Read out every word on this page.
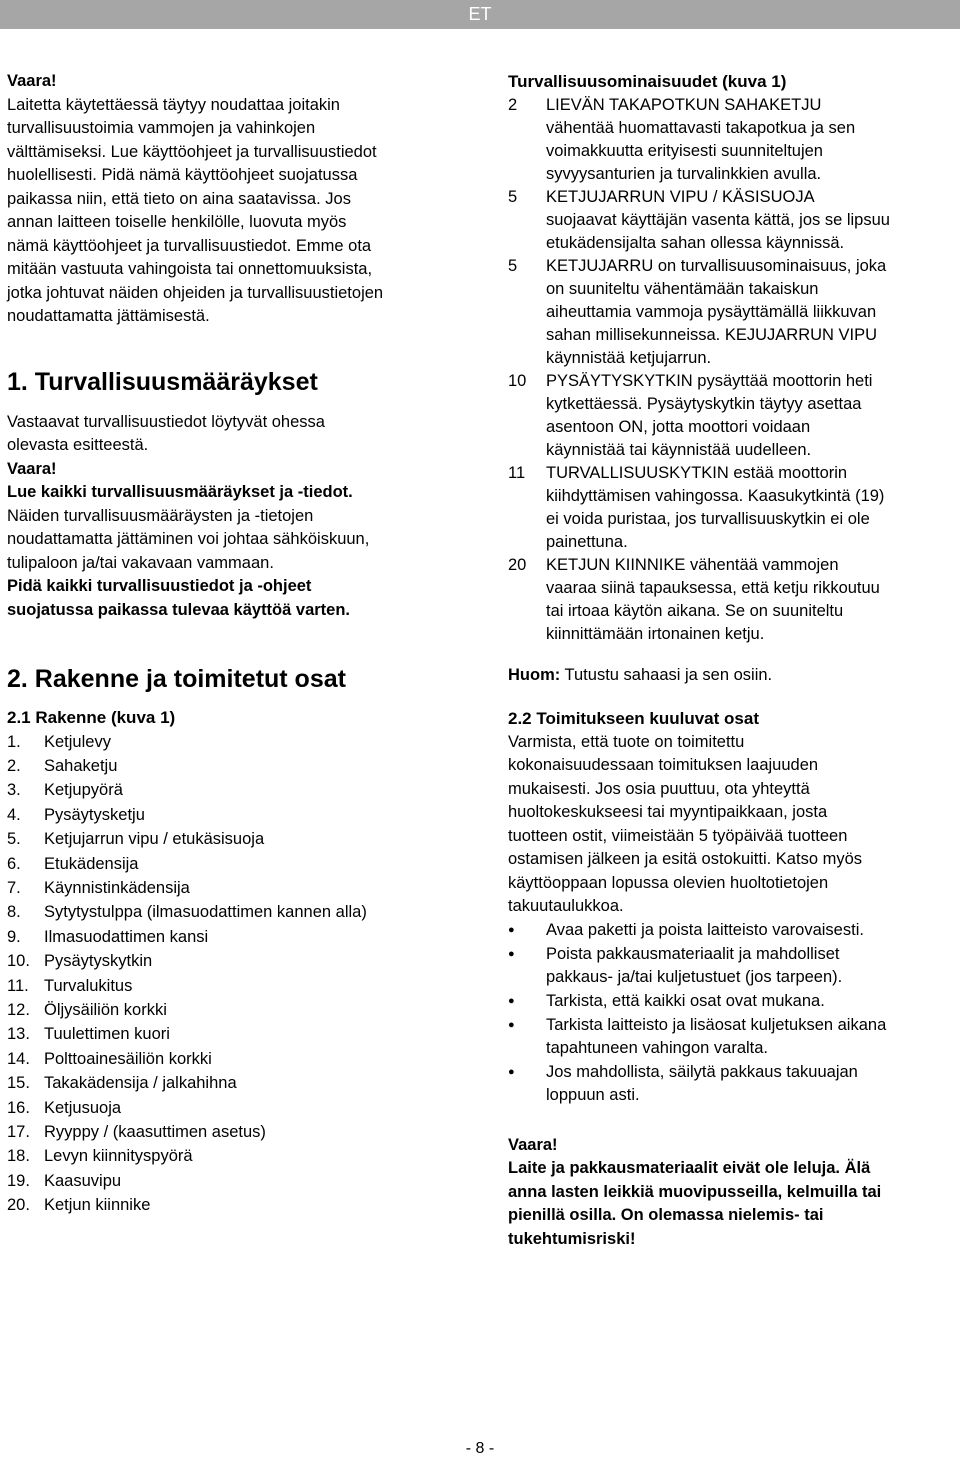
ET

Vaara!

Laitetta käytettäessä täytyy noudattaa joitakin

turvallisuustoimia vammojen ja vahinkojen

välttämiseksi. Lue käyttöohjeet ja turvallisuustiedot

huolellisesti. Pidä nämä käyttöohjeet suojatussa

paikassa niin, että tieto on aina saatavissa. Jos

annan laitteen toiselle henkilölle, luovuta myös

nämä käyttöohjeet ja turvallisuustiedot. Emme ota

mitään vastuuta vahingoista tai onnettomuuksista,

jotka johtuvat näiden ohjeiden ja turvallisuustietojen

noudattamatta jättämisestä.

1. Turvallisuusmääräykset

Vastaavat turvallisuustiedot löytyvät ohessa

olevasta esitteestä.

Vaara!

Lue kaikki turvallisuusmääräykset ja -tiedot.

Näiden turvallisuusmääräysten ja -tietojen

noudattamatta jättäminen voi johtaa sähköiskuun,

tulipaloon ja/tai vakavaan vammaan.

Pidä kaikki turvallisuustiedot ja -ohjeet

suojatussa paikassa tulevaa käyttöä varten.

2. Rakenne ja toimitetut osat

2.1 Rakenne (kuva 1)

1.	Ketjulevy
2.	Sahaketju
3.	Ketjupyörä
4.	Pysäytysketju
5.	Ketjujarrun vipu / etukäsisuoja
6.	Etukädensija
7.	Käynnistinkädensija
8.	Sytytystulppa (ilmasuodattimen kannen alla)
9.	Ilmasuodattimen kansi
10. Pysäytyskytkin
11. Turvalukitus
12. Öljysäiliön korkki
13. Tuulettimen kuori
14. Polttoainesäiliön korkki
15. Takakädensija / jalkahihna
16. Ketjusuoja
17. Ryyppy / (kaasuttimen asetus)
18. Levyn kiinnityspyörä
19. Kaasuvipu
20. Ketjun kiinnike

Turvallisuusominaisuudet (kuva 1)

2	LIEVÄN TAKAPOTKUN SAHAKETJU
vähentää huomattavasti takapotkua ja sen
voimakkuutta erityisesti suunniteltujen
syvyysanturien ja turvalinkkien avulla.
5	KETJUJARRUN VIPU / KÄSISUOJA
suojaavat käyttäjän vasenta kättä, jos se lipsuu
etukädensijalta sahan ollessa käynnissä.
5	KETJUJARRU on turvallisuusominaisuus, joka
on suuniteltu vähentämään takaiskun
aiheuttamia vammoja pysäyttämällä liikkuvan
sahan millisekunneissa. KEJUJARRUN VIPU
käynnistää ketjujarrun.
10	PYSÄYTYSKYTKIN pysäyttää moottorin heti
kytkettäessä. Pysäytyskytkin täytyy asettaa
asentoon ON, jotta moottori voidaan
käynnistää tai käynnistää uudelleen.
11	TURVALLISUUSKYTKIN estää moottorin
kiihdyttämisen vahingossa. Kaasukytkintä (19)
ei voida puristaa, jos turvallisuuskytkin ei ole
painettuna.
20	KETJUN KIINNIKE vähentää vammojen
vaaraa siinä tapauksessa, että ketju rikkoutuu
tai irtoaa käytön aikana. Se on suuniteltu
kiinnittämään irtonainen ketju.

Huom: Tutustu sahaasi ja sen osiin.

2.2 Toimitukseen kuuluvat osat

Varmista, että tuote on toimitettu

kokonaisuudessaan toimituksen laajuuden

mukaisesti. Jos osia puuttuu, ota yhteyttä

huoltokeskukseesi tai myyntipaikkaan, josta

tuotteen ostit, viimeistään 5 työpäivää tuotteen

ostamisen jälkeen ja esitä ostokuitti. Katso myös

käyttöoppaan lopussa olevien huoltotietojen

takuutaulukkoa.

●	Avaa paketti ja poista laitteisto varovaisesti.
●	Poista pakkausmateriaalit ja mahdolliset
pakkaus- ja/tai kuljetustuet (jos tarpeen).
●	Tarkista, että kaikki osat ovat mukana.
●	Tarkista laitteisto ja lisäosat kuljetuksen aikana
tapahtuneen vahingon varalta.
●	Jos mahdollista, säilytä pakkaus takuuajan
loppuun asti.

Vaara!

Laite ja pakkausmateriaalit eivät ole leluja. Älä

anna lasten leikkiä muovipusseilla, kelmuilla tai

pienillä osilla. On olemassa nielemis- tai

tukehtumisriski!

- 8 -
